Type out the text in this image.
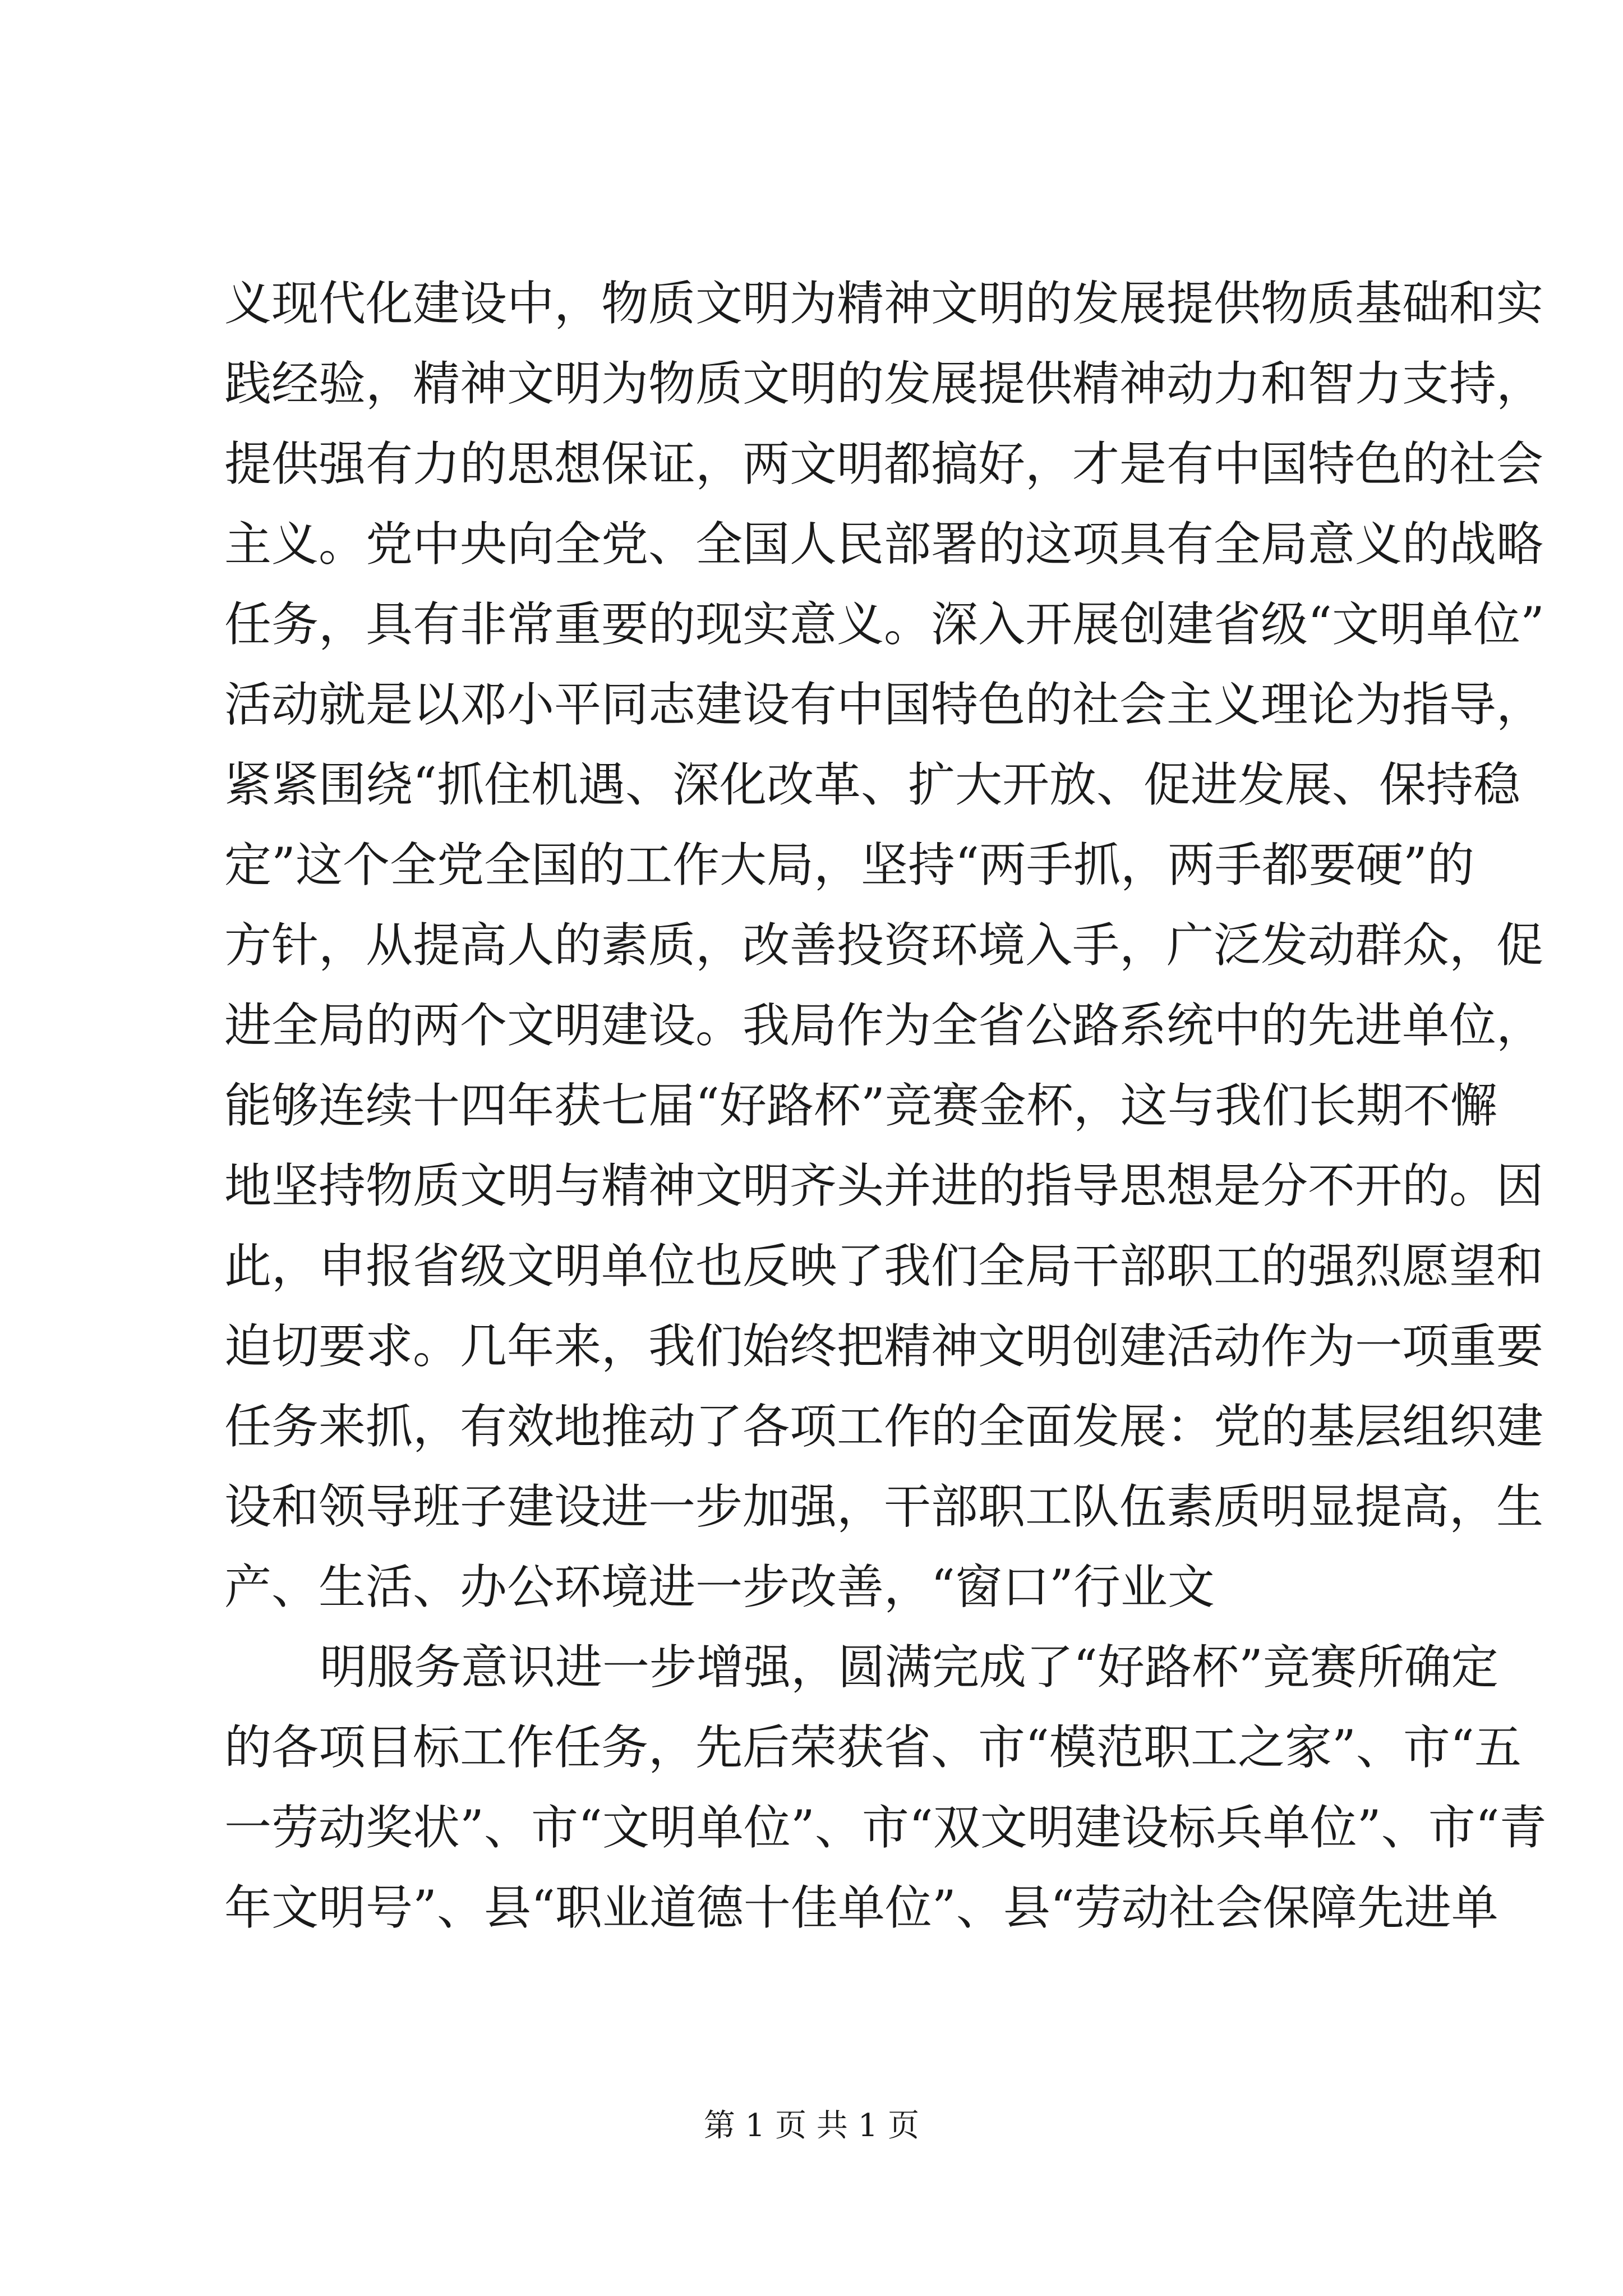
义现代化建设中，物质文明为精神文明的发展提供物质基础和实
践经验，精神文明为物质文明的发展提供精神动力和智力支持，
提供强有力的思想保证，两文明都搞好，才是有中国特色的社会
主义。党中央向全党、全国人民部署的这项具有全局意义的战略
任务，具有非常重要的现实意义。深入开展创建省级“文明单位”
活动就是以邓小平同志建设有中国特色的社会主义理论为指导，
紧紧围绕“抓住机遇、深化改革、扩大开放、促进发展、保持稳
定”这个全党全国的工作大局，坚持“两手抓，两手都要硬”的
方针，从提高人的素质，改善投资环境入手，广泛发动群众，促
进全局的两个文明建设。我局作为全省公路系统中的先进单位，
能够连续十四年获七届“好路杯”竞赛金杯，这与我们长期不懈
地坚持物质文明与精神文明齐头并进的指导思想是分不开的。因
此，申报省级文明单位也反映了我们全局干部职工的强烈愿望和
迫切要求。几年来，我们始终把精神文明创建活动作为一项重要
任务来抓，有效地推动了各项工作的全面发展：党的基层组织建
设和领导班子建设进一步加强，干部职工队伍素质明显提高，生
产、生活、办公环境进一步改善，“窗口”行业文
明服务意识进一步增强，圆满完成了“好路杯”竞赛所确定
的各项目标工作任务，先后荣获省、市“模范职工之家”、市“五
一劳动奖状”、市“文明单位”、市“双文明建设标兵单位”、市“青
年文明号”、县“职业道德十佳单位”、县“劳动社会保障先进单
第 1 页 共 1 页
